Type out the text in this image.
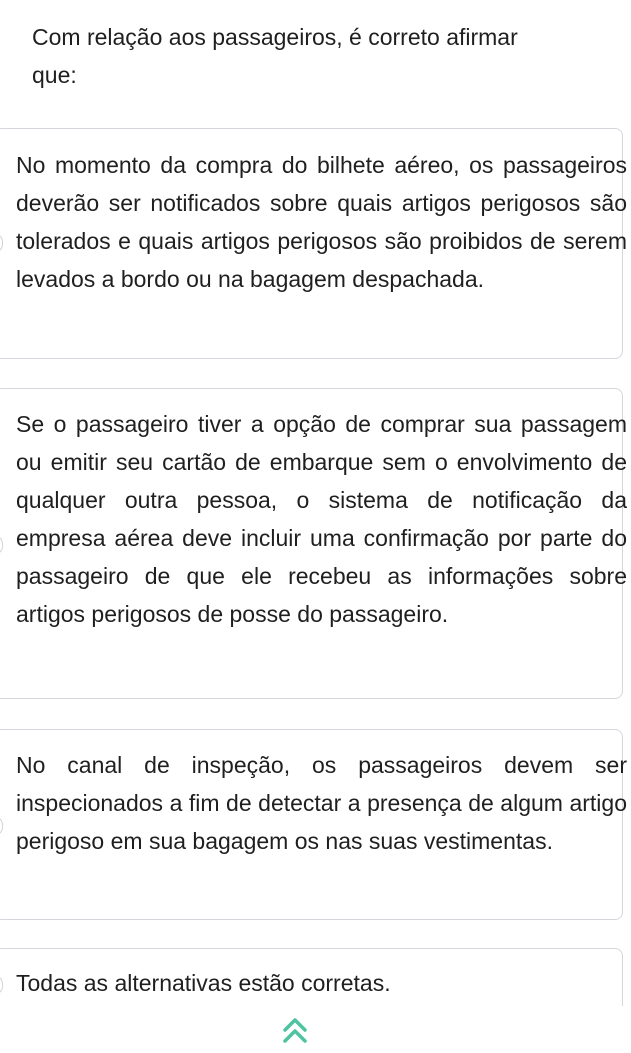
Com relação aos passageiros, é correto afirmar que:

No momento da compra do bilhete aéreo, os passageiros deverão ser notificados sobre quais artigos perigosos são tolerados e quais artigos perigosos são proibidos de serem levados a bordo ou na bagagem despachada.
Se o passageiro tiver a opção de comprar sua passagem ou emitir seu cartão de embarque sem o envolvimento de qualquer outra pessoa, o sistema de notificação da empresa aérea deve incluir uma confirmação por parte do passageiro de que ele recebeu as informações sobre artigos perigosos de posse do passageiro.
No canal de inspeção, os passageiros devem ser inspecionados a fim de detectar a presença de algum artigo perigoso em sua bagagem os nas suas vestimentas.
Todas as alternativas estão corretas.
